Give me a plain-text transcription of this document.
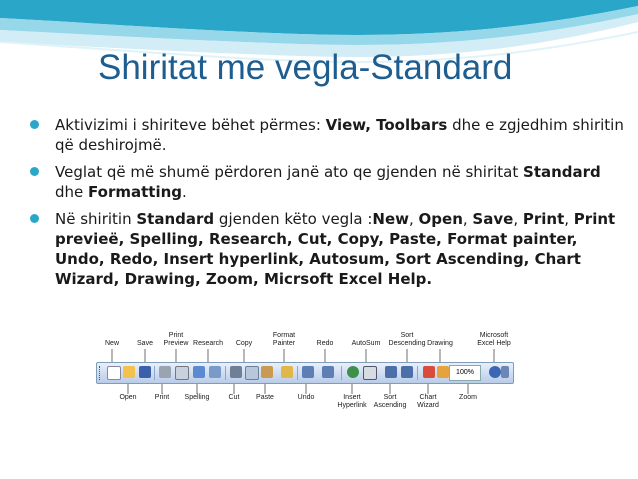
Shiritat me vegla-Standard
Aktivizimi i shiriteve bëhet përmes: View, Toolbars dhe e zgjedhim shiritin që deshirojmë.
Veglat që më shumë përdoren janë ato qe gjenden në shiritat Standard dhe Formatting.
Në shiritin Standard gjenden këto vegla :New, Open, Save, Print, Print previeë, Spelling, Research, Cut, Copy, Paste, Format painter, Undo, Redo, Insert hyperlink, Autosum, Sort Ascending, Chart Wizard, Drawing, Zoom, Micrsoft Excel Help.
100%
New	Save
Print
Preview Research Copy
Format
Painter	Redo	AutoSum
Sort
Descending Drawing
Microsoft
Excel Help
Open	Print Spelling	Cut Paste	Undo	Insert
Hyperlink
Sort
Ascending
Chart
Wizard
Zoom
